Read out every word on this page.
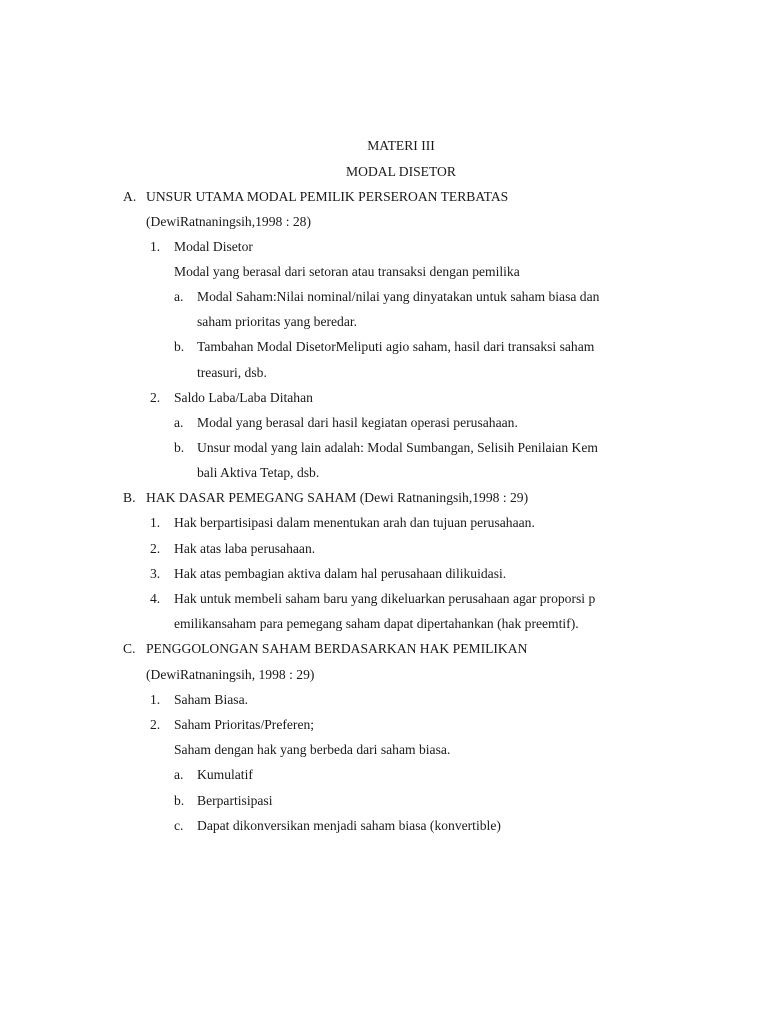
MATERI III
MODAL DISETOR
A. UNSUR UTAMA MODAL PEMILIK PERSEROAN TERBATAS
(DewiRatnaningsih,1998 : 28)
1. Modal Disetor
Modal yang berasal dari setoran atau transaksi dengan pemilika
a. Modal Saham:Nilai nominal/nilai yang dinyatakan untuk saham biasa dan
saham prioritas yang beredar.
b. Tambahan Modal DisetorMeliputi agio saham, hasil dari transaksi saham
treasuri, dsb.
2. Saldo Laba/Laba Ditahan
a. Modal yang berasal dari hasil kegiatan operasi perusahaan.
b. Unsur modal yang lain adalah: Modal Sumbangan, Selisih Penilaian Kem
bali Aktiva Tetap, dsb.
B. HAK DASAR PEMEGANG SAHAM (Dewi Ratnaningsih,1998 : 29)
1. Hak berpartisipasi dalam menentukan arah dan tujuan perusahaan.
2. Hak atas laba perusahaan.
3. Hak atas pembagian aktiva dalam hal perusahaan dilikuidasi.
4. Hak untuk membeli saham baru yang dikeluarkan perusahaan agar proporsi p
emilikansaham para pemegang saham dapat dipertahankan (hak preemtif).
C. PENGGOLONGAN SAHAM BERDASARKAN HAK PEMILIKAN
(DewiRatnaningsih, 1998 : 29)
1. Saham Biasa.
2. Saham Prioritas/Preferen;
Saham dengan hak yang berbeda dari saham biasa.
a. Kumulatif
b. Berpartisipasi
c. Dapat dikonversikan menjadi saham biasa (konvertible)
